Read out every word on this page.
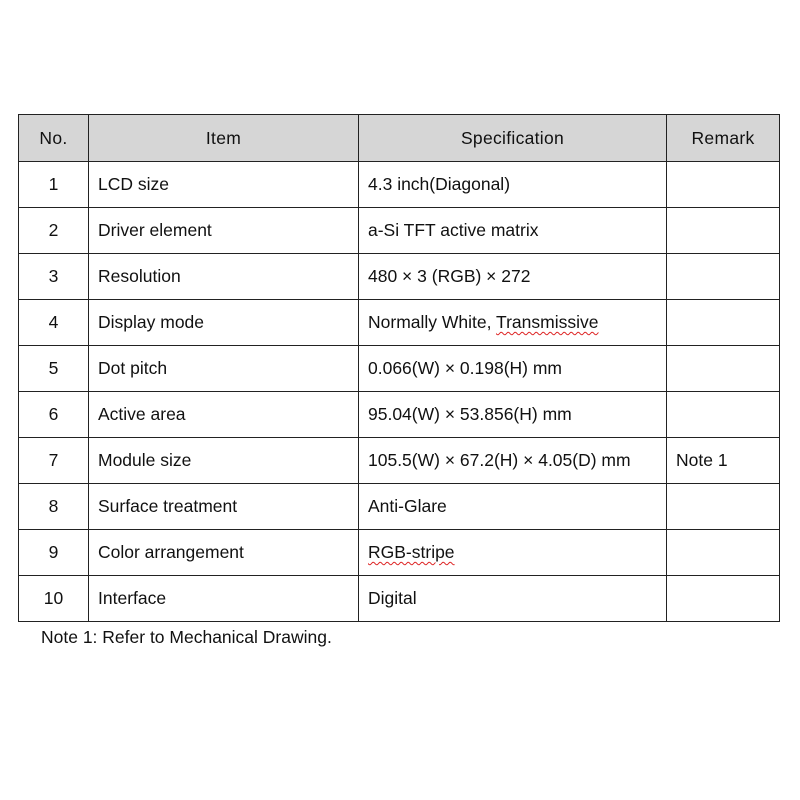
No.	Item	Specification	Remark
1	LCD size	4.3 inch(Diagonal)	
2	Driver element	a-Si TFT active matrix	
3	Resolution	480 × 3 (RGB) × 272	
4	Display mode	Normally White, Transmissive	
5	Dot pitch	0.066(W) × 0.198(H) mm	
6	Active area	95.04(W) × 53.856(H) mm	
7	Module size	105.5(W) × 67.2(H) × 4.05(D) mm	Note 1
8	Surface treatment	Anti-Glare	
9	Color arrangement	RGB-stripe	
10	Interface	Digital	
Note 1: Refer to Mechanical Drawing.
